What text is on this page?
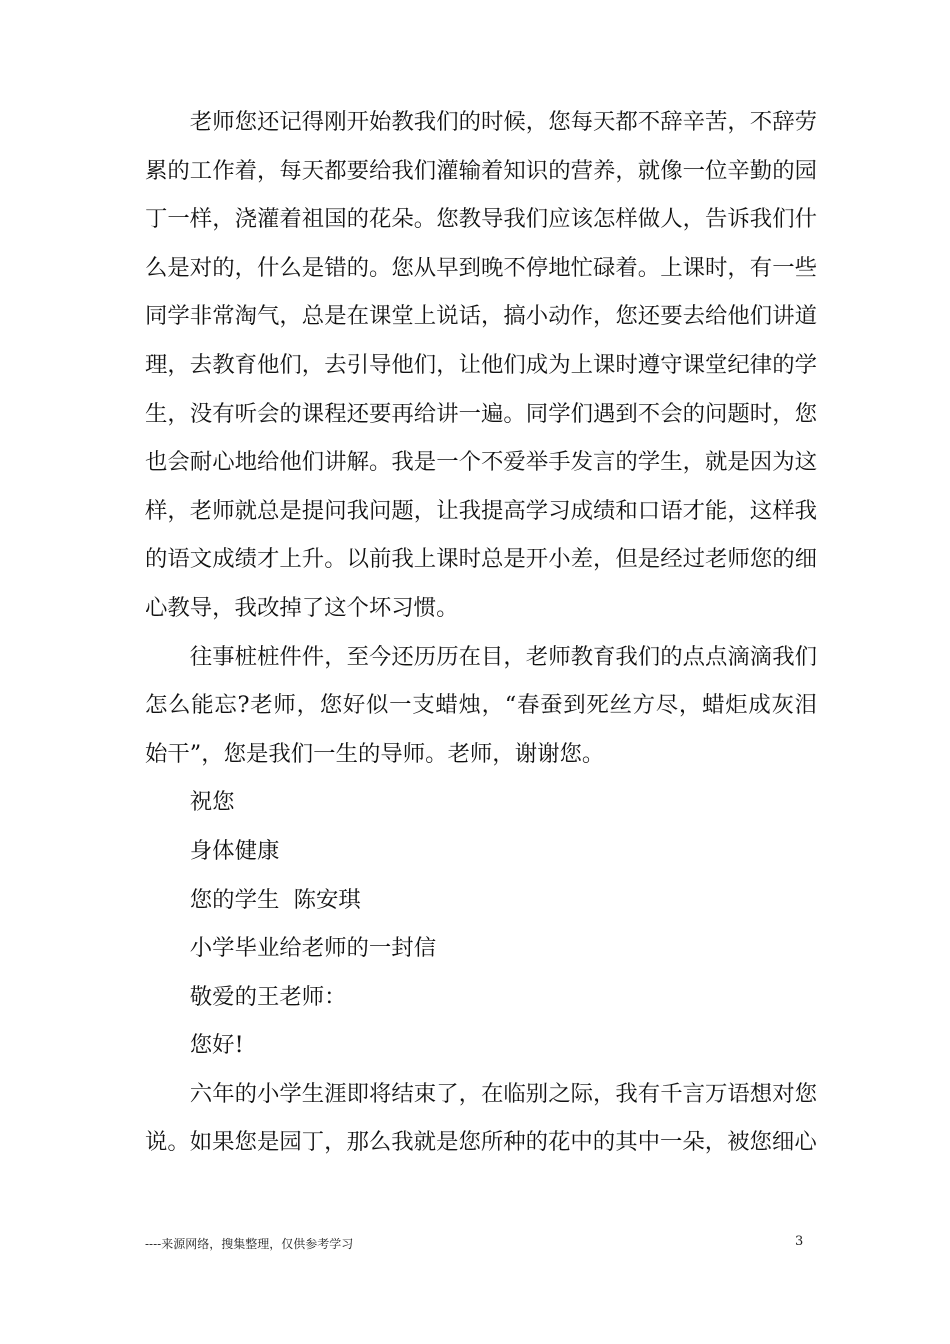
老师您还记得刚开始教我们的时候，您每天都不辞辛苦，不辞劳累的工作着，每天都要给我们灌输着知识的营养，就像一位辛勤的园丁一样，浇灌着祖国的花朵。您教导我们应该怎样做人，告诉我们什么是对的，什么是错的。您从早到晚不停地忙碌着。上课时，有一些同学非常淘气，总是在课堂上说话，搞小动作，您还要去给他们讲道理，去教育他们，去引导他们，让他们成为上课时遵守课堂纪律的学生，没有听会的课程还要再给讲一遍。同学们遇到不会的问题时，您也会耐心地给他们讲解。我是一个不爱举手发言的学生，就是因为这样，老师就总是提问我问题，让我提高学习成绩和口语才能，这样我的语文成绩才上升。以前我上课时总是开小差，但是经过老师您的细心教导，我改掉了这个坏习惯。

往事桩桩件件，至今还历历在目，老师教育我们的点点滴滴我们怎么能忘?老师，您好似一支蜡烛，“春蚕到死丝方尽，蜡炬成灰泪始干”，您是我们一生的导师。老师，谢谢您。

祝您

身体健康

您的学生  陈安琪

小学毕业给老师的一封信

敬爱的王老师：

您好!

六年的小学生涯即将结束了，在临别之际，我有千言万语想对您说。如果您是园丁，那么我就是您所种的花中的其中一朵，被您细心

----来源网络，搜集整理，仅供参考学习	3
